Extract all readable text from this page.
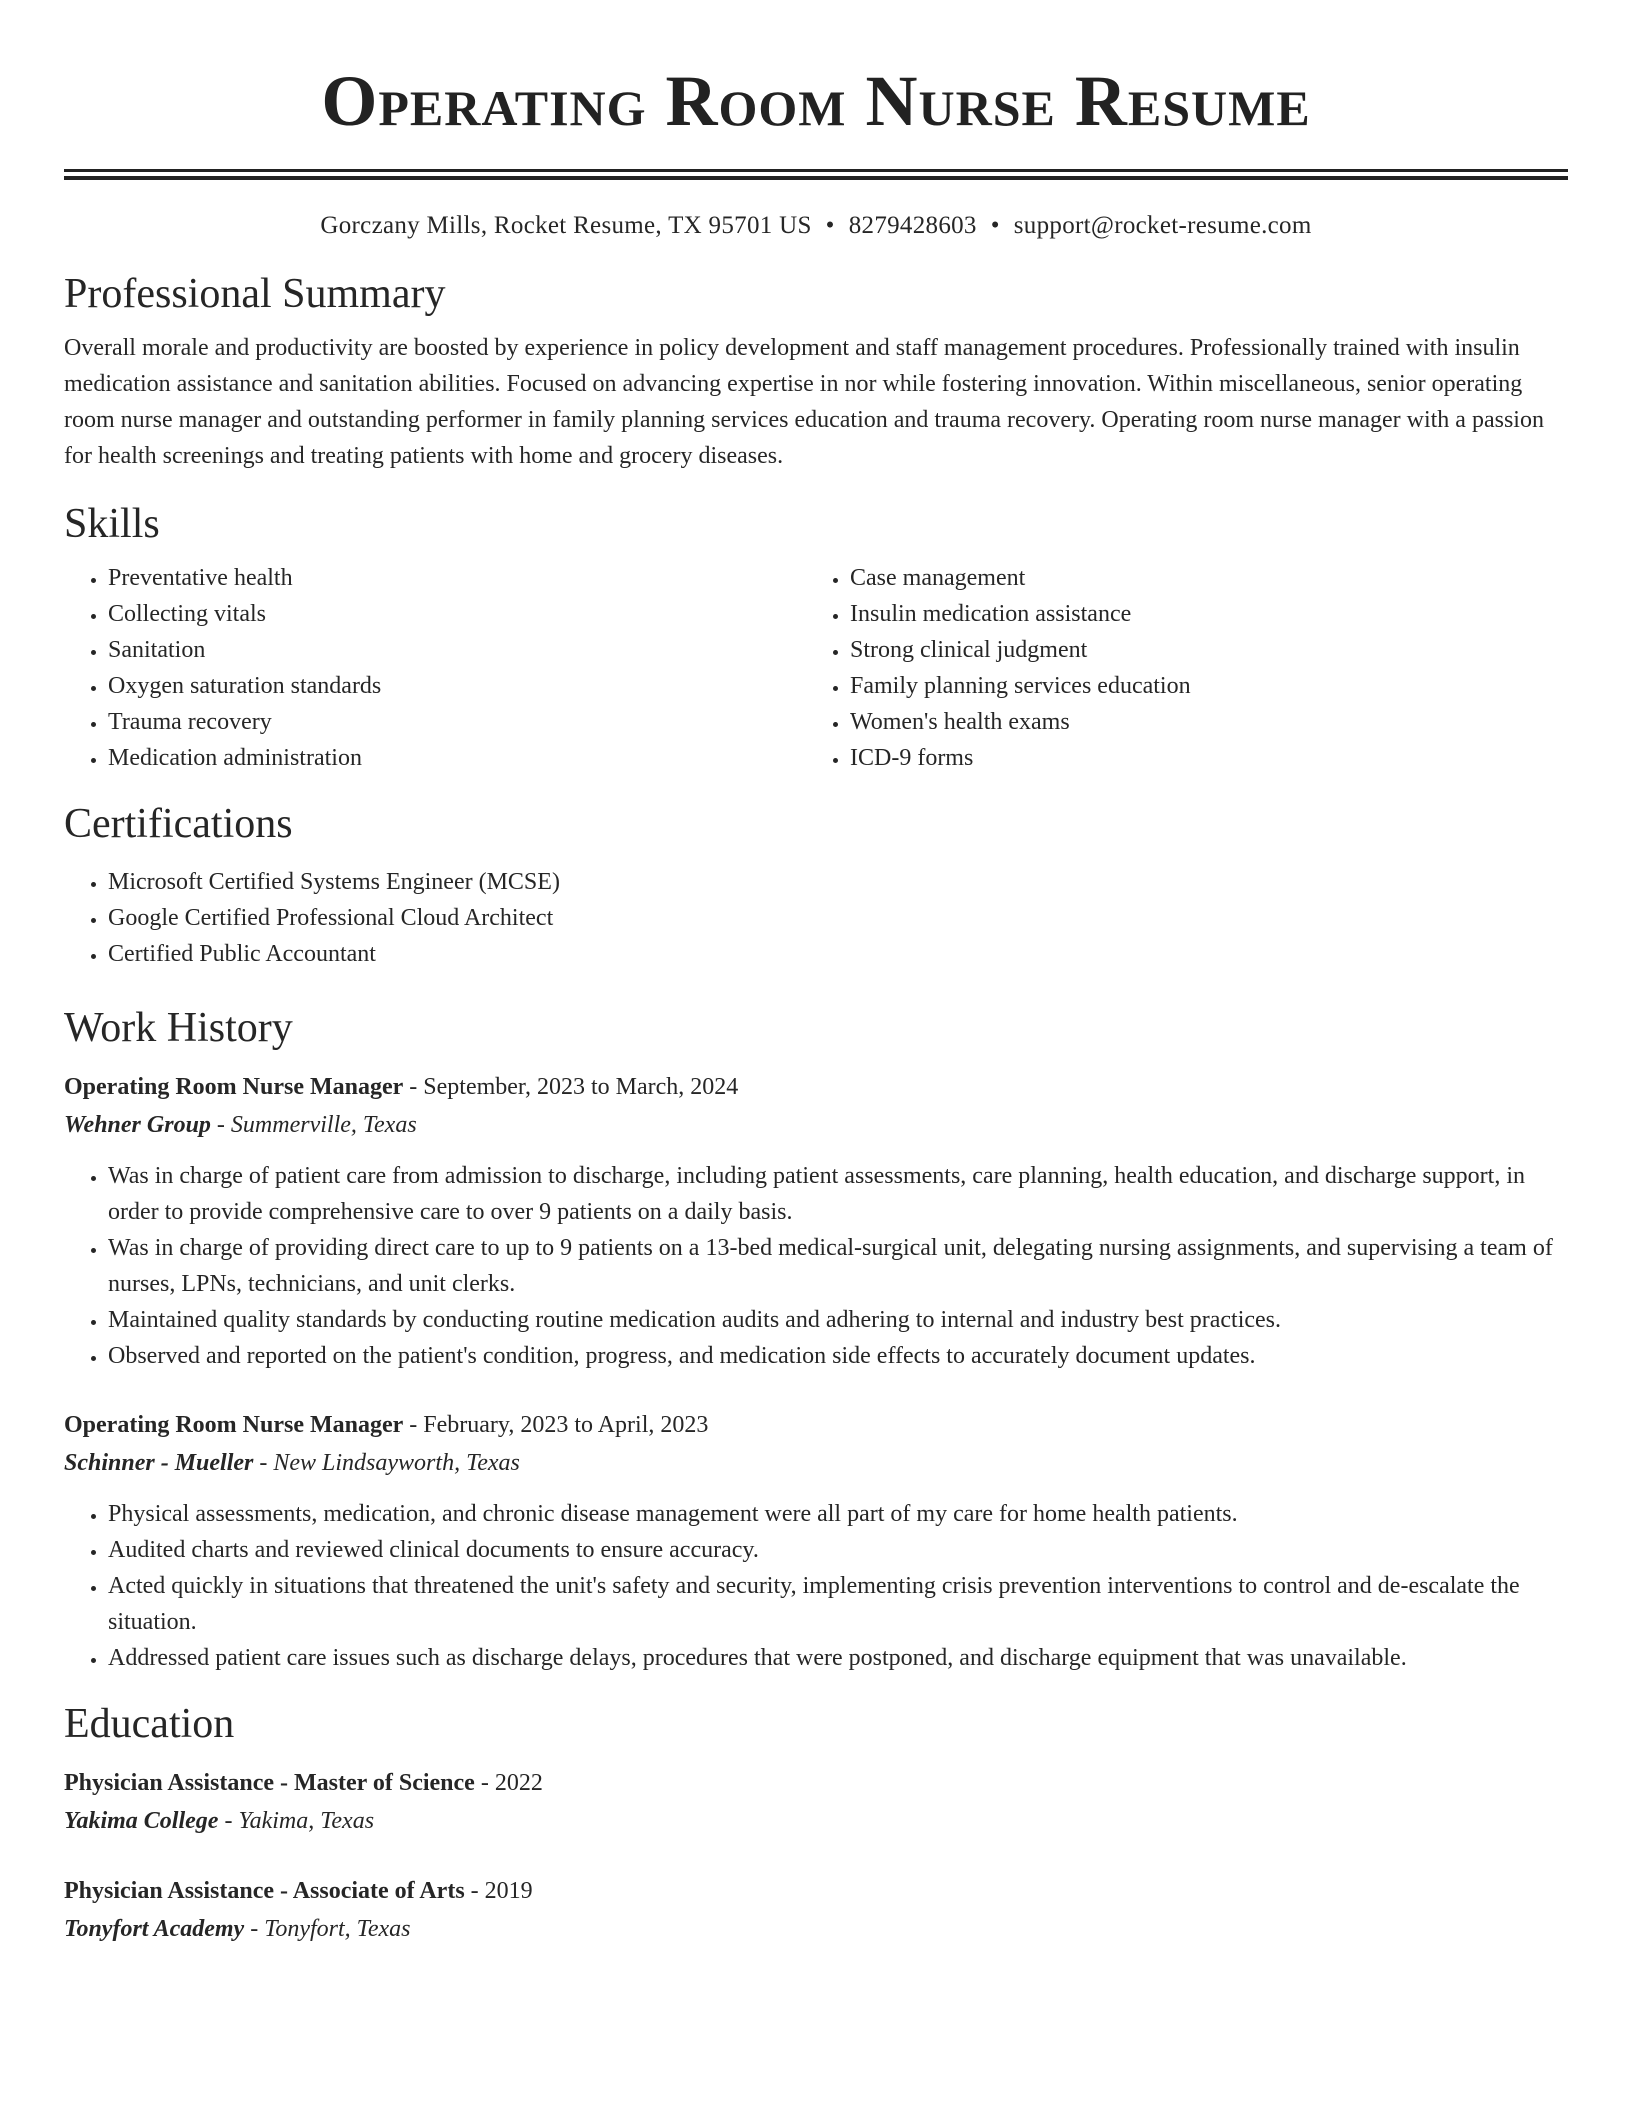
Operating Room Nurse Resume
Gorczany Mills, Rocket Resume, TX 95701 US • 8279428603 • support@rocket-resume.com
Professional Summary

Overall morale and productivity are boosted by experience in policy development and staff management procedures. Professionally trained with insulin medication assistance and sanitation abilities. Focused on advancing expertise in nor while fostering innovation. Within miscellaneous, senior operating room nurse manager and outstanding performer in family planning services education and trauma recovery. Operating room nurse manager with a passion for health screenings and treating patients with home and grocery diseases.

Skills
• Preventative health
• Collecting vitals
• Sanitation
• Oxygen saturation standards
• Trauma recovery
• Medication administration
• Case management
• Insulin medication assistance
• Strong clinical judgment
• Family planning services education
• Women's health exams
• ICD-9 forms
Certifications
• Microsoft Certified Systems Engineer (MCSE)
• Google Certified Professional Cloud Architect
• Certified Public Accountant
Work History
Operating Room Nurse Manager - September, 2023 to March, 2024
Wehner Group - Summerville, Texas
• Was in charge of patient care from admission to discharge, including patient assessments, care planning, health education, and discharge support, in order to provide comprehensive care to over 9 patients on a daily basis.
• Was in charge of providing direct care to up to 9 patients on a 13-bed medical-surgical unit, delegating nursing assignments, and supervising a team of nurses, LPNs, technicians, and unit clerks.
• Maintained quality standards by conducting routine medication audits and adhering to internal and industry best practices.
• Observed and reported on the patient's condition, progress, and medication side effects to accurately document updates.
Operating Room Nurse Manager - February, 2023 to April, 2023
Schinner - Mueller - New Lindsayworth, Texas
• Physical assessments, medication, and chronic disease management were all part of my care for home health patients.
• Audited charts and reviewed clinical documents to ensure accuracy.
• Acted quickly in situations that threatened the unit's safety and security, implementing crisis prevention interventions to control and de-escalate the situation.
• Addressed patient care issues such as discharge delays, procedures that were postponed, and discharge equipment that was unavailable.
Education
Physician Assistance - Master of Science - 2022
Yakima College - Yakima, Texas
Physician Assistance - Associate of Arts - 2019
Tonyfort Academy - Tonyfort, Texas
